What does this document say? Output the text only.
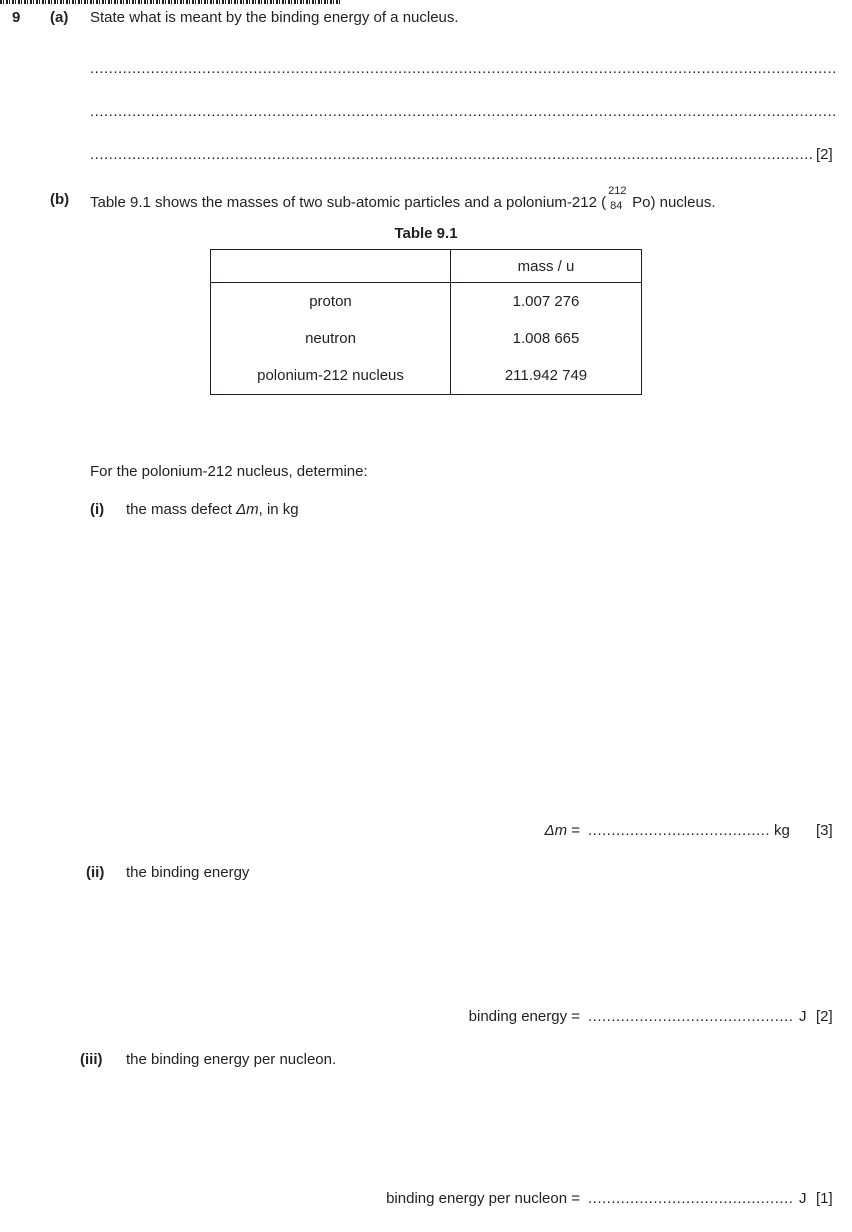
9 (a) State what is meant by the binding energy of a nucleus.
.....
.....
.....
[2]
(b) Table 9.1 shows the masses of two sub-atomic particles and a polonium-212 (
212
84 Po) nucleus.
Table 9.1
	mass / u
proton	1.007 276
neutron	1.008 665
polonium-212 nucleus	211.942 749
For the polonium-212 nucleus, determine:
(i) the mass defect Δm, in kg
Δm = .....	kg [3]
(ii) the binding energy
binding energy = .....	J [2]
(iii) the binding energy per nucleon.
binding energy per nucleon = .....	J [1]
